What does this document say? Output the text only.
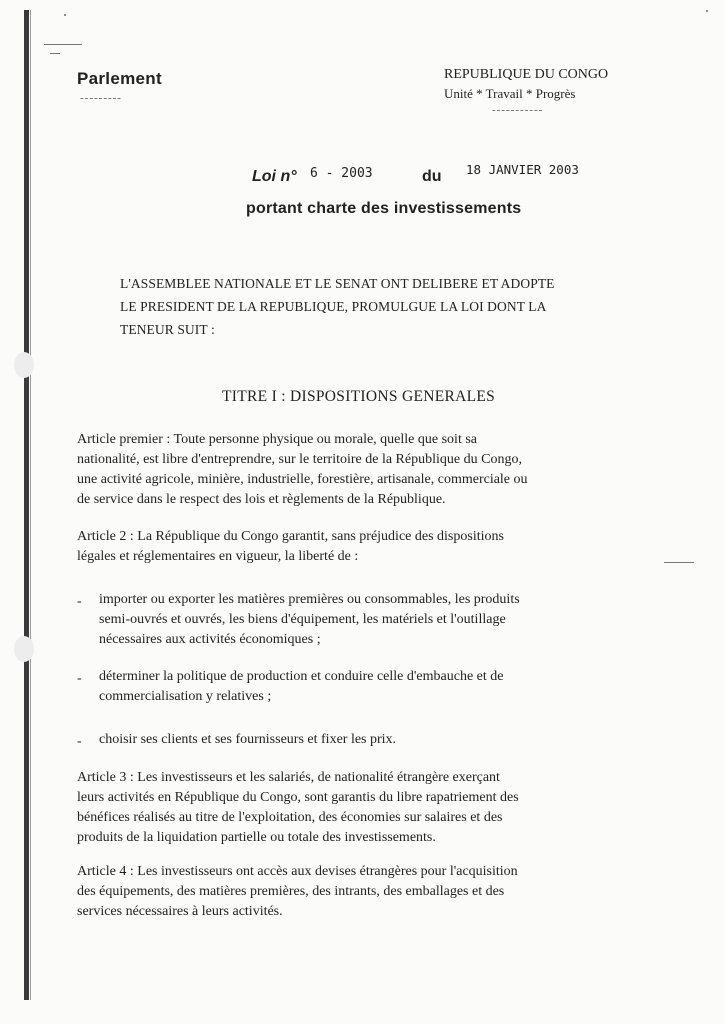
Parlement
---------
REPUBLIQUE DU CONGO
Unité * Travail * Progrès
-----------
Loi n° 6 - 2003	du 18 JANVIER 2003
portant charte des investissements
L'ASSEMBLEE NATIONALE ET LE SENAT ONT DELIBERE ET ADOPTE
LE PRESIDENT DE LA REPUBLIQUE, PROMULGUE LA LOI DONT LA
TENEUR SUIT :
TITRE I : DISPOSITIONS GENERALES
Article premier : Toute personne physique ou morale, quelle que soit sa
nationalité, est libre d'entreprendre, sur le territoire de la République du Congo,
une activité agricole, minière, industrielle, forestière, artisanale, commerciale ou
de service dans le respect des lois et règlements de la République.
Article 2 : La République du Congo garantit, sans préjudice des dispositions
légales et réglementaires en vigueur, la liberté de :
- importer ou exporter les matières premières ou consommables, les produits
semi-ouvrés et ouvrés, les biens d'équipement, les matériels et l'outillage
nécessaires aux activités économiques ;
- déterminer la politique de production et conduire celle d'embauche et de
commercialisation y relatives ;
- choisir ses clients et ses fournisseurs et fixer les prix.
Article 3 : Les investisseurs et les salariés, de nationalité étrangère exerçant
leurs activités en République du Congo, sont garantis du libre rapatriement des
bénéfices réalisés au titre de l'exploitation, des économies sur salaires et des
produits de la liquidation partielle ou totale des investissements.
Article 4 : Les investisseurs ont accès aux devises étrangères pour l'acquisition
des équipements, des matières premières, des intrants, des emballages et des
services nécessaires à leurs activités.
